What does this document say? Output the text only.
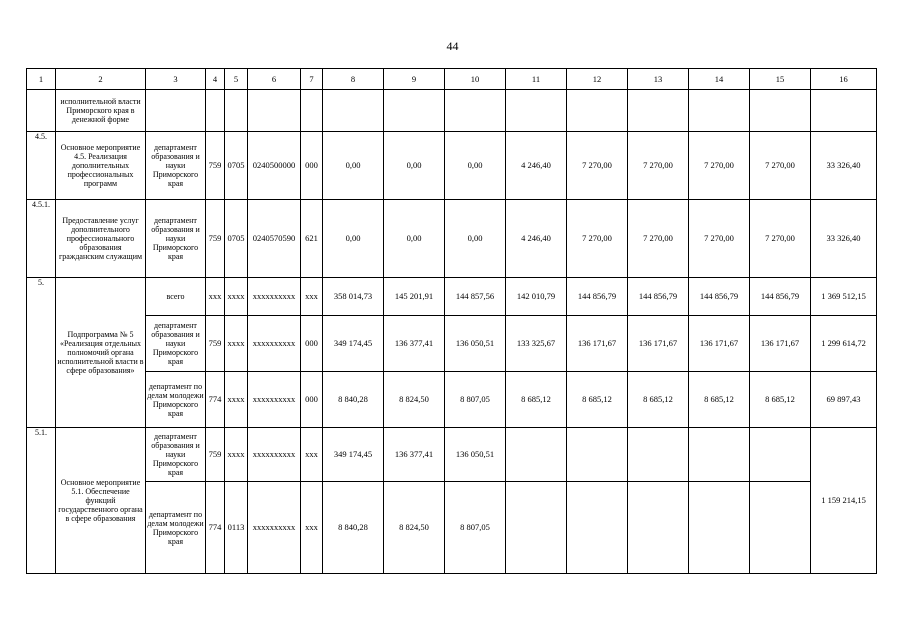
44
1	2	3	4	5	6	7	8	9	10	11	12	13	14	15	16
	исполнительной власти Приморского края в денежной форме														
4.5.	Основное мероприятие 4.5. Реализация дополнительных профессиональных программ	департамент образования и науки Приморского края	759	0705	0240500000	000	0,00	0,00	0,00	4 246,40	7 270,00	7 270,00	7 270,00	7 270,00	33 326,40
4.5.1.	Предоставление услуг дополнительного профессионального образования гражданским служащим	департамент образования и науки Приморского края	759	0705	0240570590	621	0,00	0,00	0,00	4 246,40	7 270,00	7 270,00	7 270,00	7 270,00	33 326,40
5.	Подпрограмма № 5 «Реализация отдельных полномочий органа исполнительной власти в сфере образования»	всего	ххх	хххх	хххххххххх	ххх	358 014,73	145 201,91	144 857,56	142 010,79	144 856,79	144 856,79	144 856,79	144 856,79	1 369 512,15
		департамент образования и науки Приморского края	759	хххх	хххххххххх	000	349 174,45	136 377,41	136 050,51	133 325,67	136 171,67	136 171,67	136 171,67	136 171,67	1 299 614,72
		департамент по делам молодежи Приморского края	774	хххх	хххххххххх	000	8 840,28	8 824,50	8 807,05	8 685,12	8 685,12	8 685,12	8 685,12	8 685,12	69 897,43
5.1.	Основное мероприятие 5.1. Обеспечение функций государственного органа в сфере образования	департамент образования и науки Приморского края	759	хххх	хххххххххх	ххх	349 174,45	136 377,41	136 050,51						1 159 214,15
		департамент по делам молодежи Приморского края	774	0113	хххххххххх	ххх	8 840,28	8 824,50	8 807,05						
